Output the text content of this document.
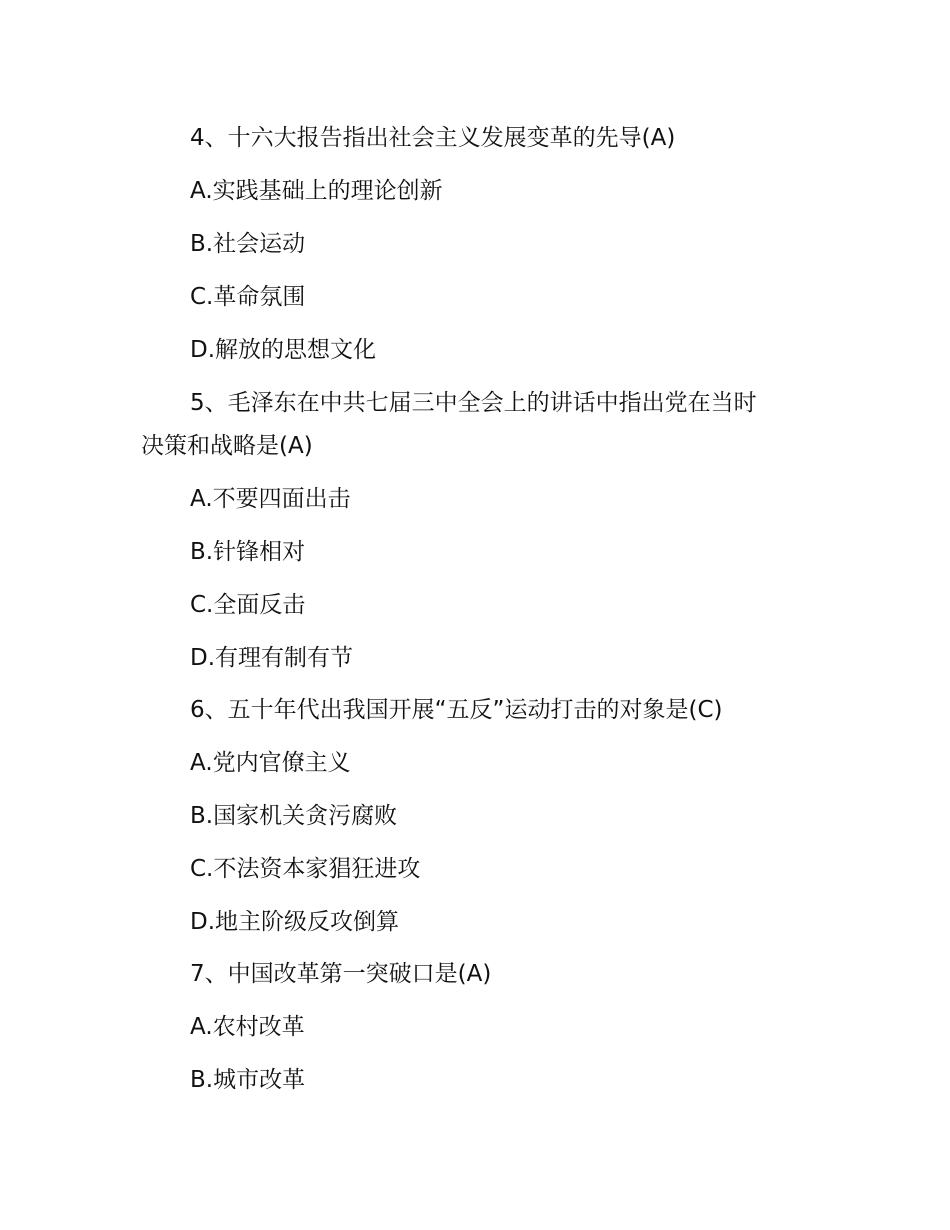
4、十六大报告指出社会主义发展变革的先导(A)
A.实践基础上的理论创新
B.社会运动
C.革命氛围
D.解放的思想文化
5、毛泽东在中共七届三中全会上的讲话中指出党在当时
决策和战略是(A)
A.不要四面出击
B.针锋相对
C.全面反击
D.有理有制有节
6、五十年代出我国开展“五反”运动打击的对象是(C)
A.党内官僚主义
B.国家机关贪污腐败
C.不法资本家猖狂进攻
D.地主阶级反攻倒算
7、中国改革第一突破口是(A)
A.农村改革
B.城市改革
